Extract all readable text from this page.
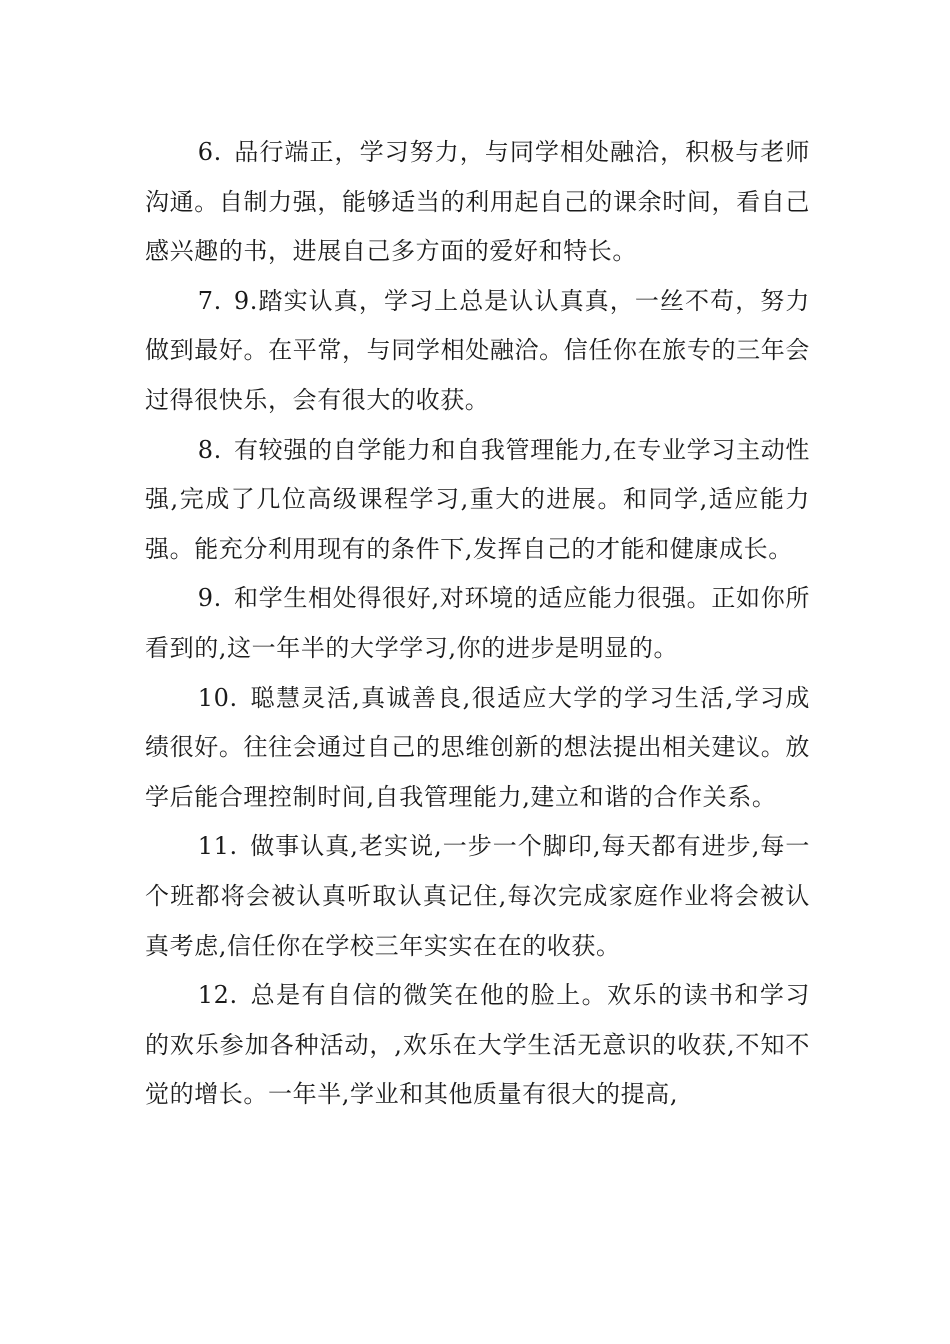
6. 品行端正，学习努力，与同学相处融洽，积极与老师沟通。自制力强，能够适当的利用起自己的课余时间，看自己感兴趣的书，进展自己多方面的爱好和特长。

7. 9.踏实认真，学习上总是认认真真，一丝不苟，努力做到最好。在平常，与同学相处融洽。信任你在旅专的三年会过得很快乐，会有很大的收获。

8. 有较强的自学能力和自我管理能力,在专业学习主动性强,完成了几位高级课程学习,重大的进展。和同学,适应能力强。能充分利用现有的条件下,发挥自己的才能和健康成长。

9. 和学生相处得很好,对环境的适应能力很强。正如你所看到的,这一年半的大学学习,你的进步是明显的。

10. 聪慧灵活,真诚善良,很适应大学的学习生活,学习成绩很好。往往会通过自己的思维创新的想法提出相关建议。放学后能合理控制时间,自我管理能力,建立和谐的合作关系。

11. 做事认真,老实说,一步一个脚印,每天都有进步,每一个班都将会被认真听取认真记住,每次完成家庭作业将会被认真考虑,信任你在学校三年实实在在的收获。

12. 总是有自信的微笑在他的脸上。欢乐的读书和学习的欢乐参加各种活动，,欢乐在大学生活无意识的收获,不知不觉的增长。一年半,学业和其他质量有很大的提高,
